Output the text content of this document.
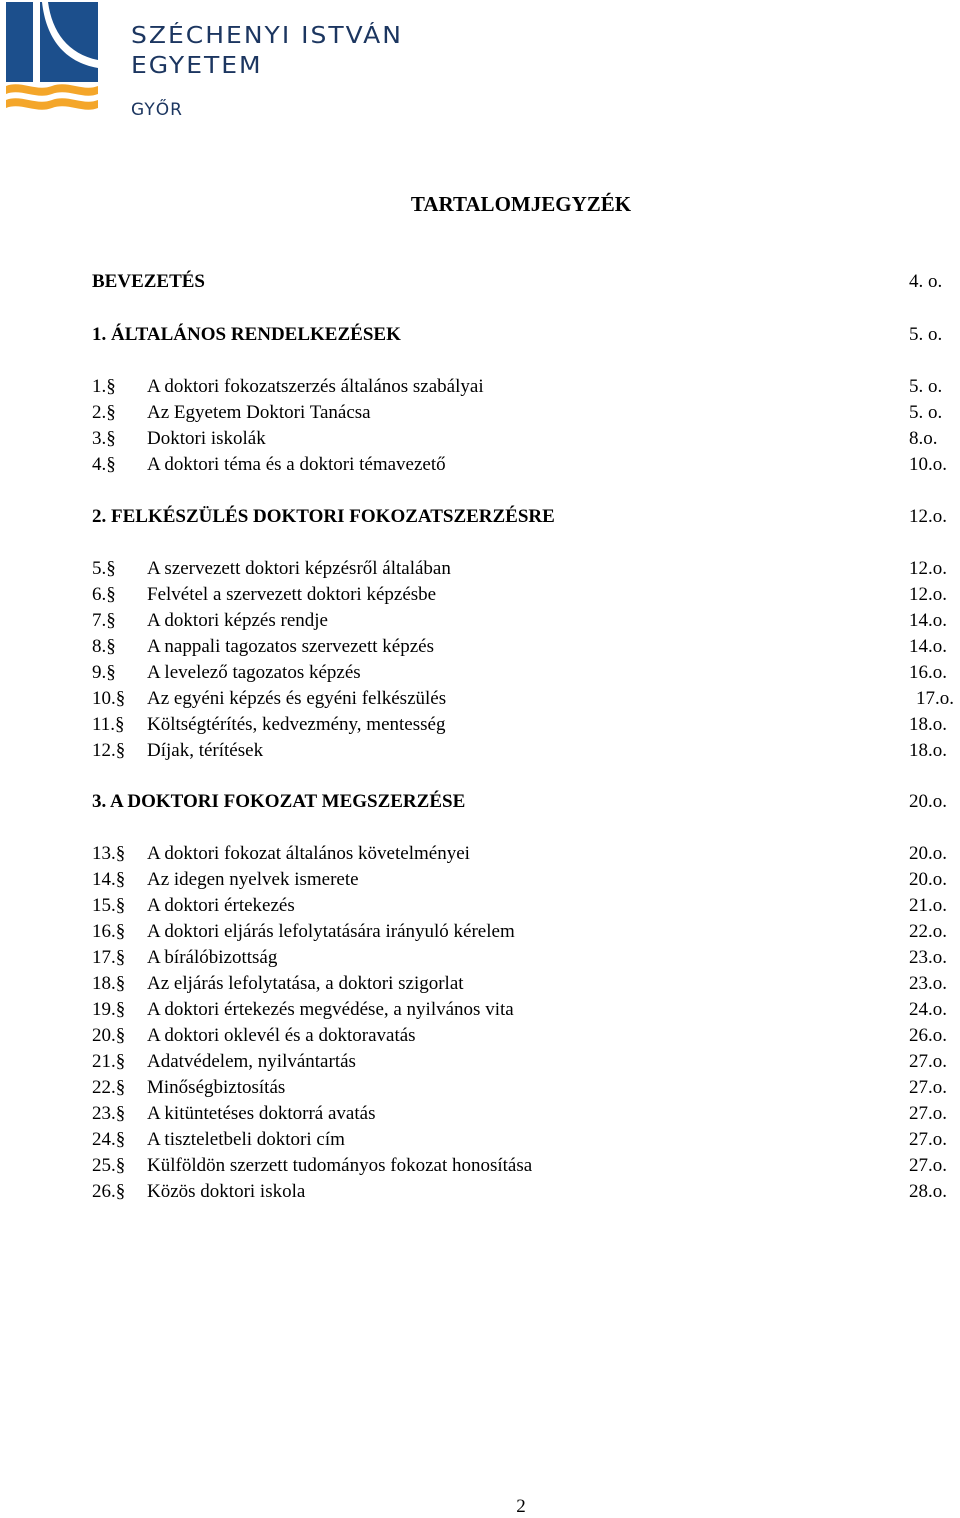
SZÉCHENYI ISTVÁN
EGYETEM
GYŐR
TARTALOMJEGYZÉK
BEVEZETÉS	4. o.
1. ÁLTALÁNOS RENDELKEZÉSEK	5. o.
1.§ A doktori fokozatszerzés általános szabályai	5. o.
2.§ Az Egyetem Doktori Tanácsa	5. o.
3.§ Doktori iskolák	8.o.
4.§ A doktori téma és a doktori témavezető	10.o.
2. FELKÉSZÜLÉS DOKTORI FOKOZATSZERZÉSRE	12.o.
5.§ A szervezett doktori képzésről általában	12.o.
6.§ Felvétel a szervezett doktori képzésbe	12.o.
7.§ A doktori képzés rendje	14.o.
8.§ A nappali tagozatos szervezett képzés	14.o.
9.§ A levelező tagozatos képzés	16.o.
10.§ Az egyéni képzés és egyéni felkészülés	17.o.
11.§ Költségtérítés, kedvezmény, mentesség	18.o.
12.§ Díjak, térítések	18.o.
3. A DOKTORI FOKOZAT MEGSZERZÉSE	20.o.
13.§ A doktori fokozat általános követelményei	20.o.
14.§ Az idegen nyelvek ismerete	20.o.
15.§ A doktori értekezés	21.o.
16.§ A doktori eljárás lefolytatására irányuló kérelem	22.o.
17.§ A bírálóbizottság	23.o.
18.§ Az eljárás lefolytatása, a doktori szigorlat	23.o.
19.§ A doktori értekezés megvédése, a nyilvános vita	24.o.
20.§ A doktori oklevél és a doktoravatás	26.o.
21.§ Adatvédelem, nyilvántartás	27.o.
22.§ Minőségbiztosítás	27.o.
23.§ A kitüntetéses doktorrá avatás	27.o.
24.§ A tiszteletbeli doktori cím	27.o.
25.§ Külföldön szerzett tudományos fokozat honosítása	27.o.
26.§ Közös doktori iskola	28.o.
2
